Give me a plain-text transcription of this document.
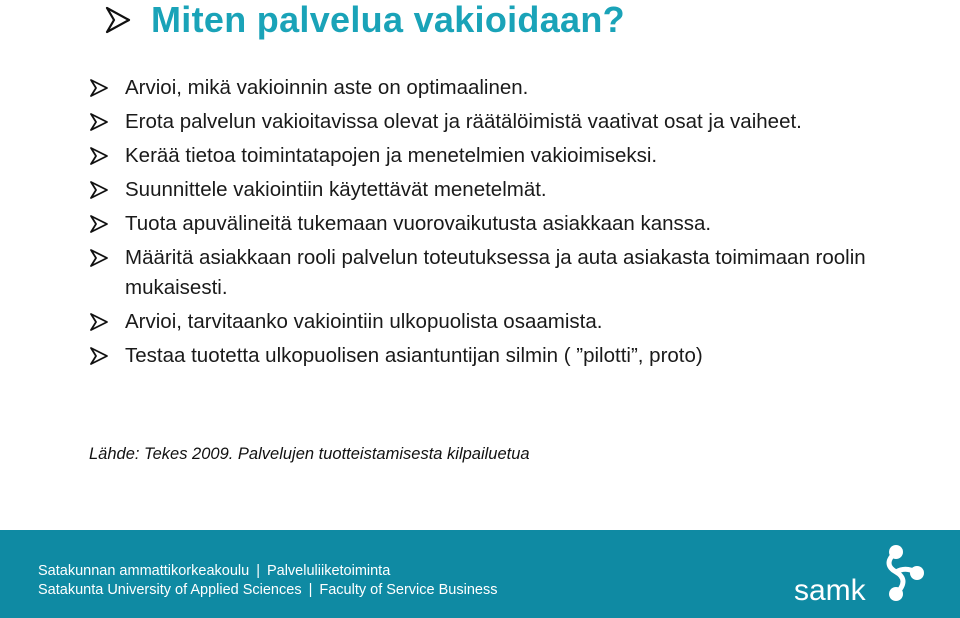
Miten palvelua vakioidaan?
Arvioi, mikä vakioinnin aste on optimaalinen.
Erota palvelun vakioitavissa olevat ja räätälöimistä vaativat osat ja vaiheet.
Kerää tietoa toimintatapojen ja menetelmien vakioimiseksi.
Suunnittele vakiointiin käytettävät menetelmät.
Tuota apuvälineitä tukemaan vuorovaikutusta asiakkaan kanssa.
Määritä asiakkaan rooli palvelun toteutuksessa ja auta asiakasta toimimaan roolin mukaisesti.
Arvioi, tarvitaanko vakiointiin ulkopuolista osaamista.
Testaa tuotetta ulkopuolisen asiantuntijan silmin ( ”pilotti”, proto)
Lähde: Tekes 2009. Palvelujen tuotteistamisesta kilpailuetua
Satakunnan ammattikorkeakoulu | Palveluliiketoiminta
Satakunta University of Applied Sciences | Faculty of Service Business	samk
